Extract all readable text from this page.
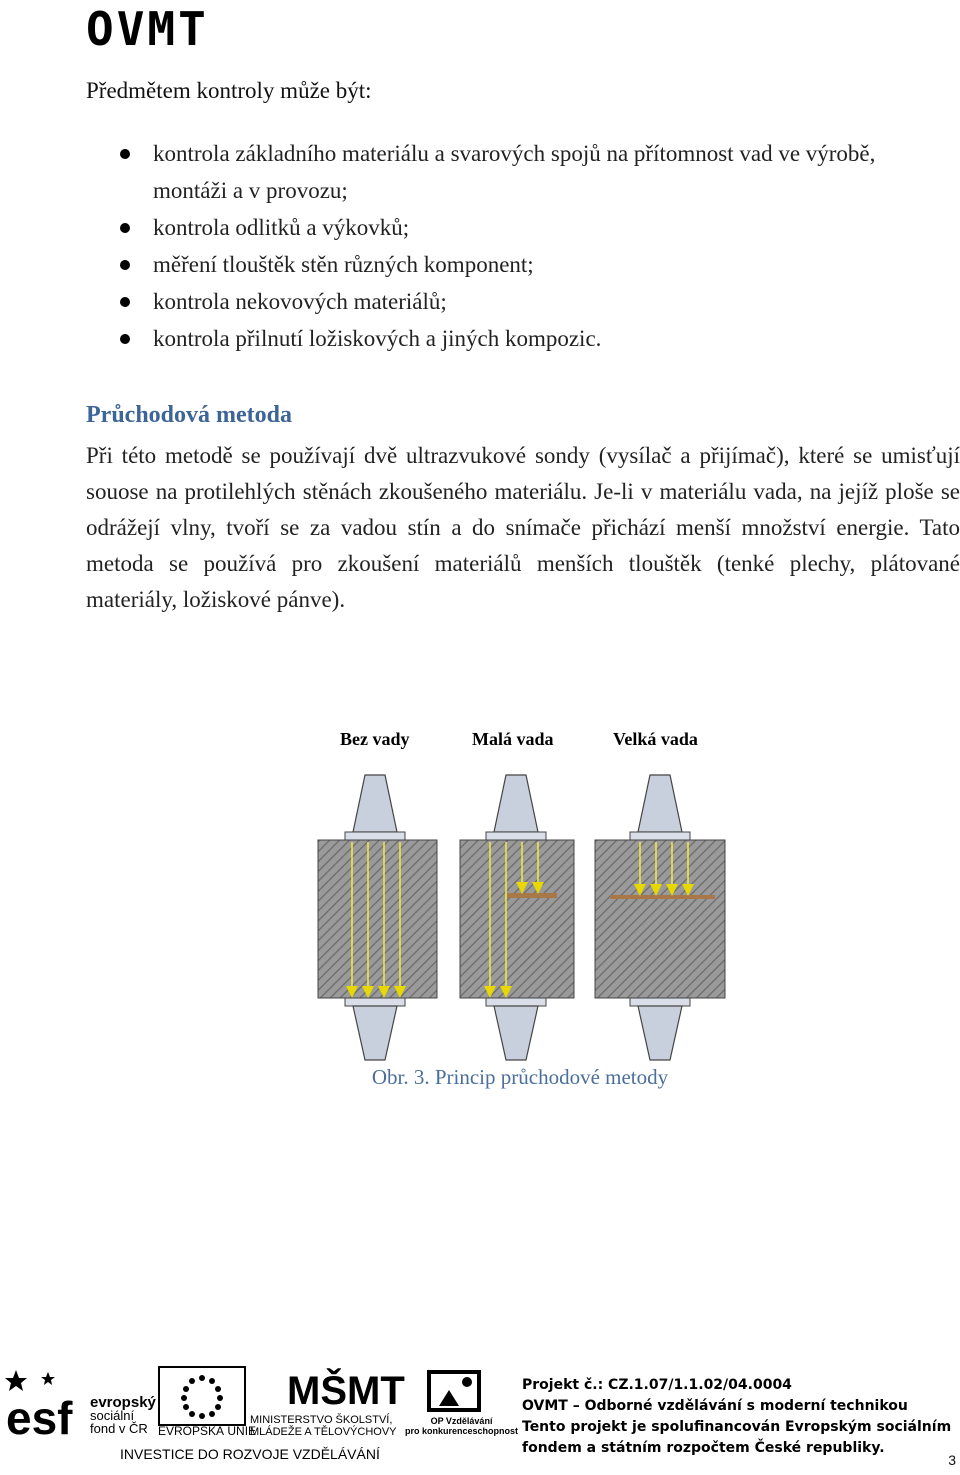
OVMT

Předmětem kontroly může být:

kontrola základního materiálu a svarových spojů na přítomnost vad ve výrobě, montáži a v provozu;
kontrola odlitků a výkovků;
měření tlouštěk stěn různých komponent;
kontrola nekovových materiálů;
kontrola přilnutí ložiskových a jiných kompozic.
Průchodová metoda

Při této metodě se používají dvě ultrazvukové sondy (vysílač a přijímač), které se umisťují souose na protilehlých stěnách zkoušeného materiálu. Je-li v materiálu vada, na jejíž ploše se odrážejí vlny, tvoří se za vadou stín a do snímače přichází menší množství energie. Tato metoda se používá pro zkoušení materiálů menších tlouštěk (tenké plechy, plátované materiály, ložiskové pánve).

Bez vady	Malá vada	Velká vada
Obr. 3. Princip průchodové metody
esf evropský
sociální
fond v ČR EVROPSKÁ UNIE
MŠMT
MINISTERSTVO ŠKOLSTVÍ,
MLÁDEŽE A TĚLOVÝCHOVY
OP Vzdělávání
pro konkurenceschopnost
INVESTICE DO ROZVOJE VZDĚLÁVÁNÍ
Projekt č.: CZ.1.07/1.1.02/04.0004
OVMT – Odborné vzdělávání s moderní technikou
Tento projekt je spolufinancován Evropským sociálním
fondem a státním rozpočtem České republiky.
3
